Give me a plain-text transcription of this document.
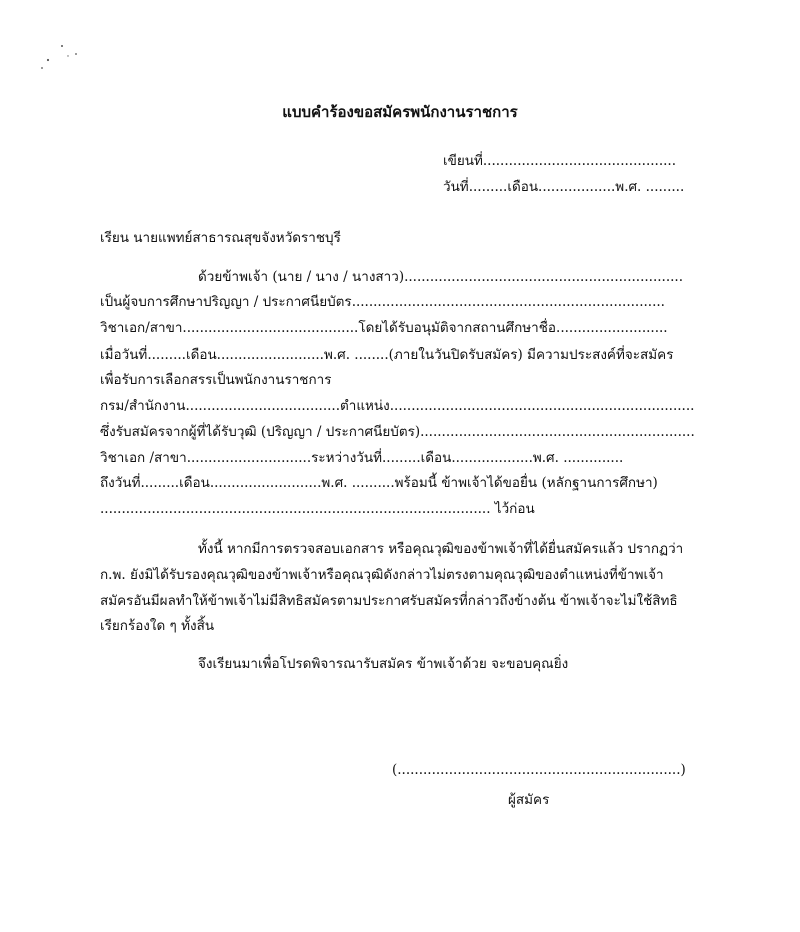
แบบคำร้องขอสมัครพนักงานราชการ
เขียนที่.............................................
วันที่.........เดือน..................พ.ศ. .........
เรียน นายแพทย์สาธารณสุขจังหวัดราชบุรี
ด้วยข้าพเจ้า (นาย / นาง / นางสาว).................................................................
เป็นผู้จบการศึกษาปริญญา / ประกาศนียบัตร.........................................................................
วิชาเอก/สาขา.........................................โดยได้รับอนุมัติจากสถานศึกษาชื่อ..........................
เมื่อวันที่.........เดือน.........................พ.ศ. ........(ภายในวันปิดรับสมัคร) มีความประสงค์ที่จะสมัคร
เพื่อรับการเลือกสรรเป็นพนักงานราชการ
กรม/สำนักงาน....................................ตำแหน่ง.......................................................................
ซึ่งรับสมัครจากผู้ที่ได้รับวุฒิ (ปริญญา / ประกาศนียบัตร)................................................................
วิชาเอก /สาขา.............................ระหว่างวันที่.........เดือน...................พ.ศ. ..............
ถึงวันที่.........เดือน..........................พ.ศ. ..........พร้อมนี้ ข้าพเจ้าได้ขอยื่น (หลักฐานการศึกษา)
........................................................................................... ไว้ก่อน
ทั้งนี้ หากมีการตรวจสอบเอกสาร หรือคุณวุฒิของข้าพเจ้าที่ได้ยื่นสมัครแล้ว ปรากฏว่า
ก.พ. ยังมิได้รับรองคุณวุฒิของข้าพเจ้าหรือคุณวุฒิดังกล่าวไม่ตรงตามคุณวุฒิของตำแหน่งที่ข้าพเจ้า
สมัครอันมีผลทำให้ข้าพเจ้าไม่มีสิทธิสมัครตามประกาศรับสมัครที่กล่าวถึงข้างต้น ข้าพเจ้าจะไม่ใช้สิทธิ
เรียกร้องใด ๆ ทั้งสิ้น
จึงเรียนมาเพื่อโปรดพิจารณารับสมัคร ข้าพเจ้าด้วย จะขอบคุณยิ่ง
(..................................................................)
ผู้สมัคร
